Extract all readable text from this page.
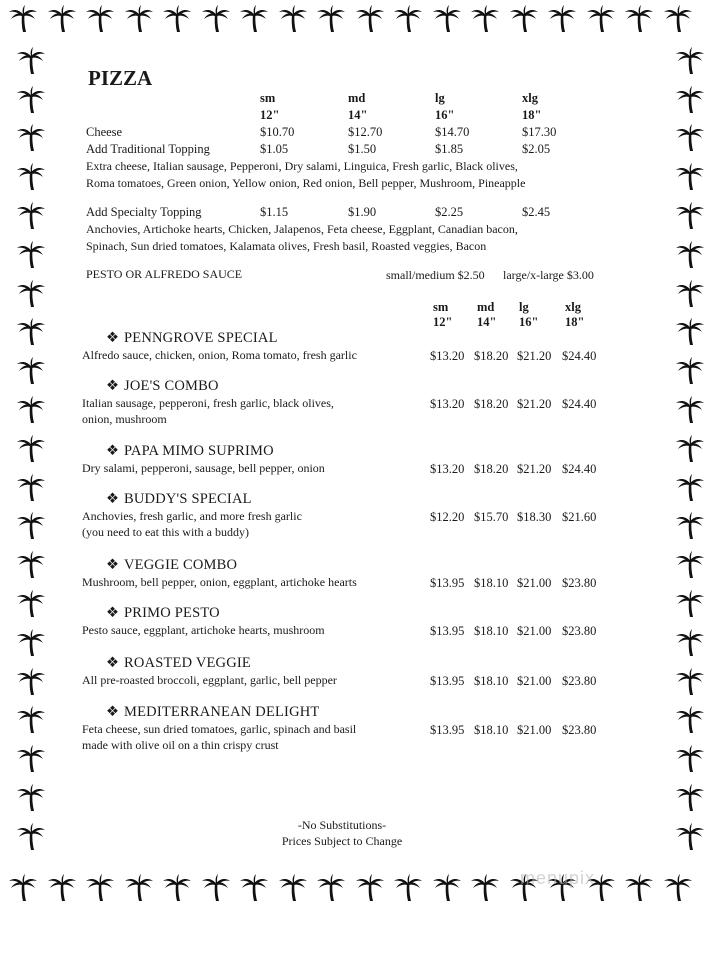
PIZZA
sm	md	lg	xlg
12"	14"	16"	18"
Cheese	$10.70	$12.70	$14.70	$17.30
Add Traditional Topping	$1.05	$1.50	$1.85	$2.05
Extra cheese, Italian sausage, Pepperoni, Dry salami, Linguica, Fresh garlic, Black olives,
Roma tomatoes, Green onion, Yellow onion, Red onion, Bell pepper, Mushroom, Pineapple
Add Specialty Topping	$1.15	$1.90	$2.25	$2.45
Anchovies, Artichoke hearts, Chicken, Jalapenos, Feta cheese, Eggplant, Canadian bacon,
Spinach, Sun dried tomatoes, Kalamata olives, Fresh basil, Roasted veggies, Bacon
PESTO OR ALFREDO SAUCE	small/medium $2.50 large/x-large $3.00
sm md lg	xlg
12" 14" 16" 18"
❖ PENNGROVE SPECIAL
Alfredo sauce, chicken, onion, Roma tomato, fresh garlic	$13.20 $18.20 $21.20 $24.40
❖ JOE'S COMBO
Italian sausage, pepperoni, fresh garlic, black olives,
onion, mushroom
$13.20 $18.20 $21.20 $24.40
❖ PAPA MIMO SUPRIMO
Dry salami, pepperoni, sausage, bell pepper, onion	$13.20 $18.20 $21.20 $24.40
❖ BUDDY'S SPECIAL
Anchovies, fresh garlic, and more fresh garlic
(you need to eat this with a buddy)
$12.20 $15.70 $18.30 $21.60
❖ VEGGIE COMBO
Mushroom, bell pepper, onion, eggplant, artichoke hearts	$13.95 $18.10 $21.00 $23.80
❖ PRIMO PESTO
Pesto sauce, eggplant, artichoke hearts, mushroom	$13.95 $18.10 $21.00 $23.80
❖ ROASTED VEGGIE
All pre-roasted broccoli, eggplant, garlic, bell pepper	$13.95 $18.10 $21.00 $23.80
❖ MEDITERRANEAN DELIGHT
Feta cheese, sun dried tomatoes, garlic, spinach and basil
made with olive oil on a thin crispy crust
$13.95 $18.10 $21.00 $23.80
-No Substitutions-
Prices Subject to Change
menupix
